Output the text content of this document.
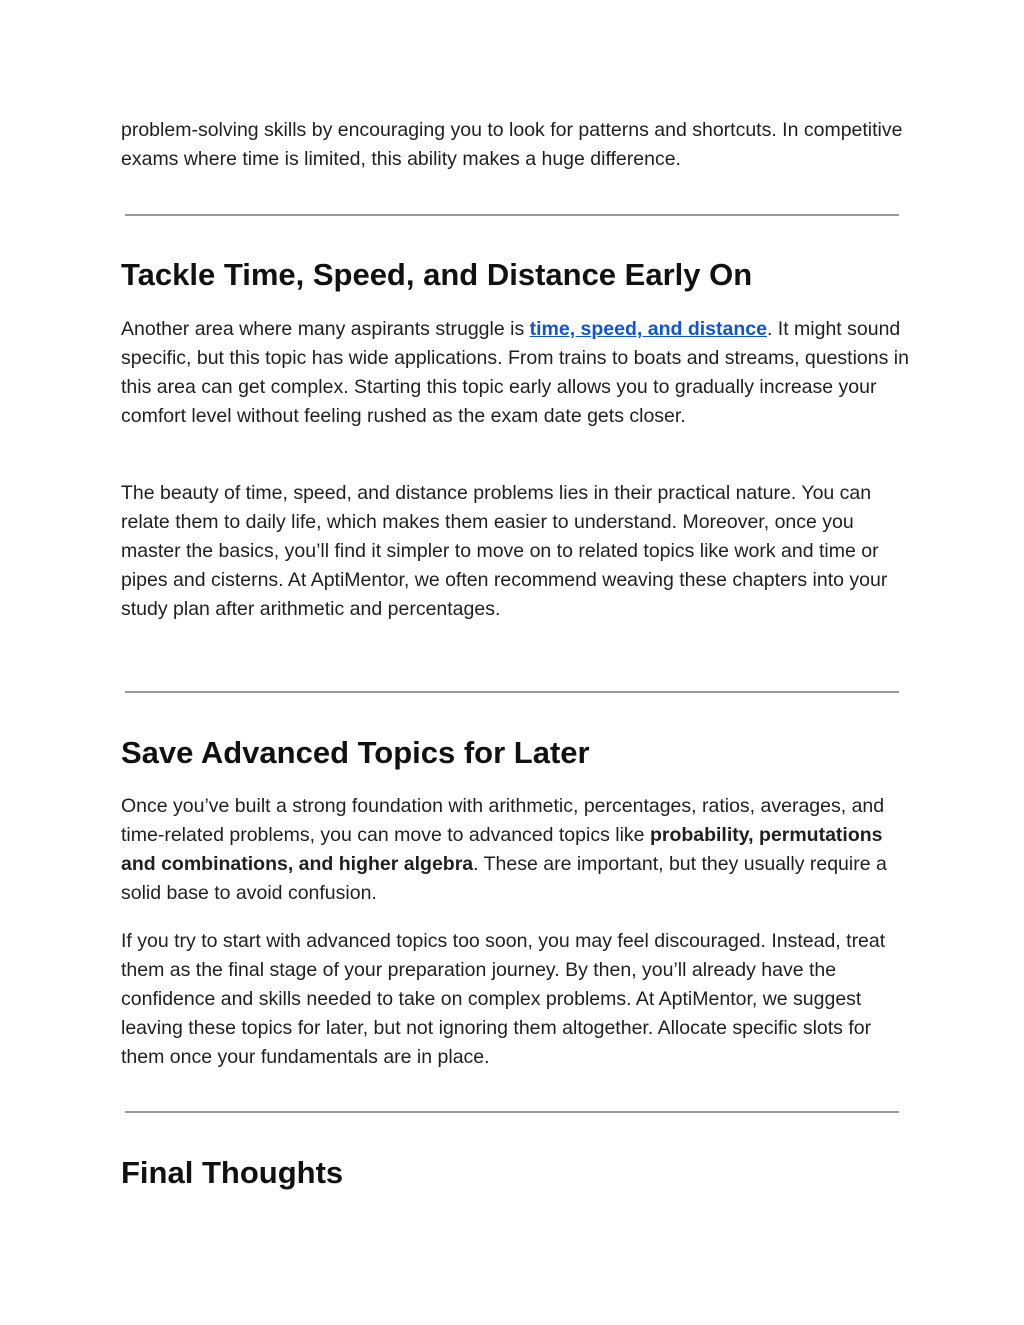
problem-solving skills by encouraging you to look for patterns and shortcuts. In competitive exams where time is limited, this ability makes a huge difference.

Tackle Time, Speed, and Distance Early On

Another area where many aspirants struggle is time, speed, and distance. It might sound specific, but this topic has wide applications. From trains to boats and streams, questions in this area can get complex. Starting this topic early allows you to gradually increase your comfort level without feeling rushed as the exam date gets closer.

The beauty of time, speed, and distance problems lies in their practical nature. You can relate them to daily life, which makes them easier to understand. Moreover, once you master the basics, you’ll find it simpler to move on to related topics like work and time or pipes and cisterns. At AptiMentor, we often recommend weaving these chapters into your study plan after arithmetic and percentages.

Save Advanced Topics for Later

Once you’ve built a strong foundation with arithmetic, percentages, ratios, averages, and time-related problems, you can move to advanced topics like probability, permutations and combinations, and higher algebra. These are important, but they usually require a solid base to avoid confusion.

If you try to start with advanced topics too soon, you may feel discouraged. Instead, treat them as the final stage of your preparation journey. By then, you’ll already have the confidence and skills needed to take on complex problems. At AptiMentor, we suggest leaving these topics for later, but not ignoring them altogether. Allocate specific slots for them once your fundamentals are in place.

Final Thoughts
